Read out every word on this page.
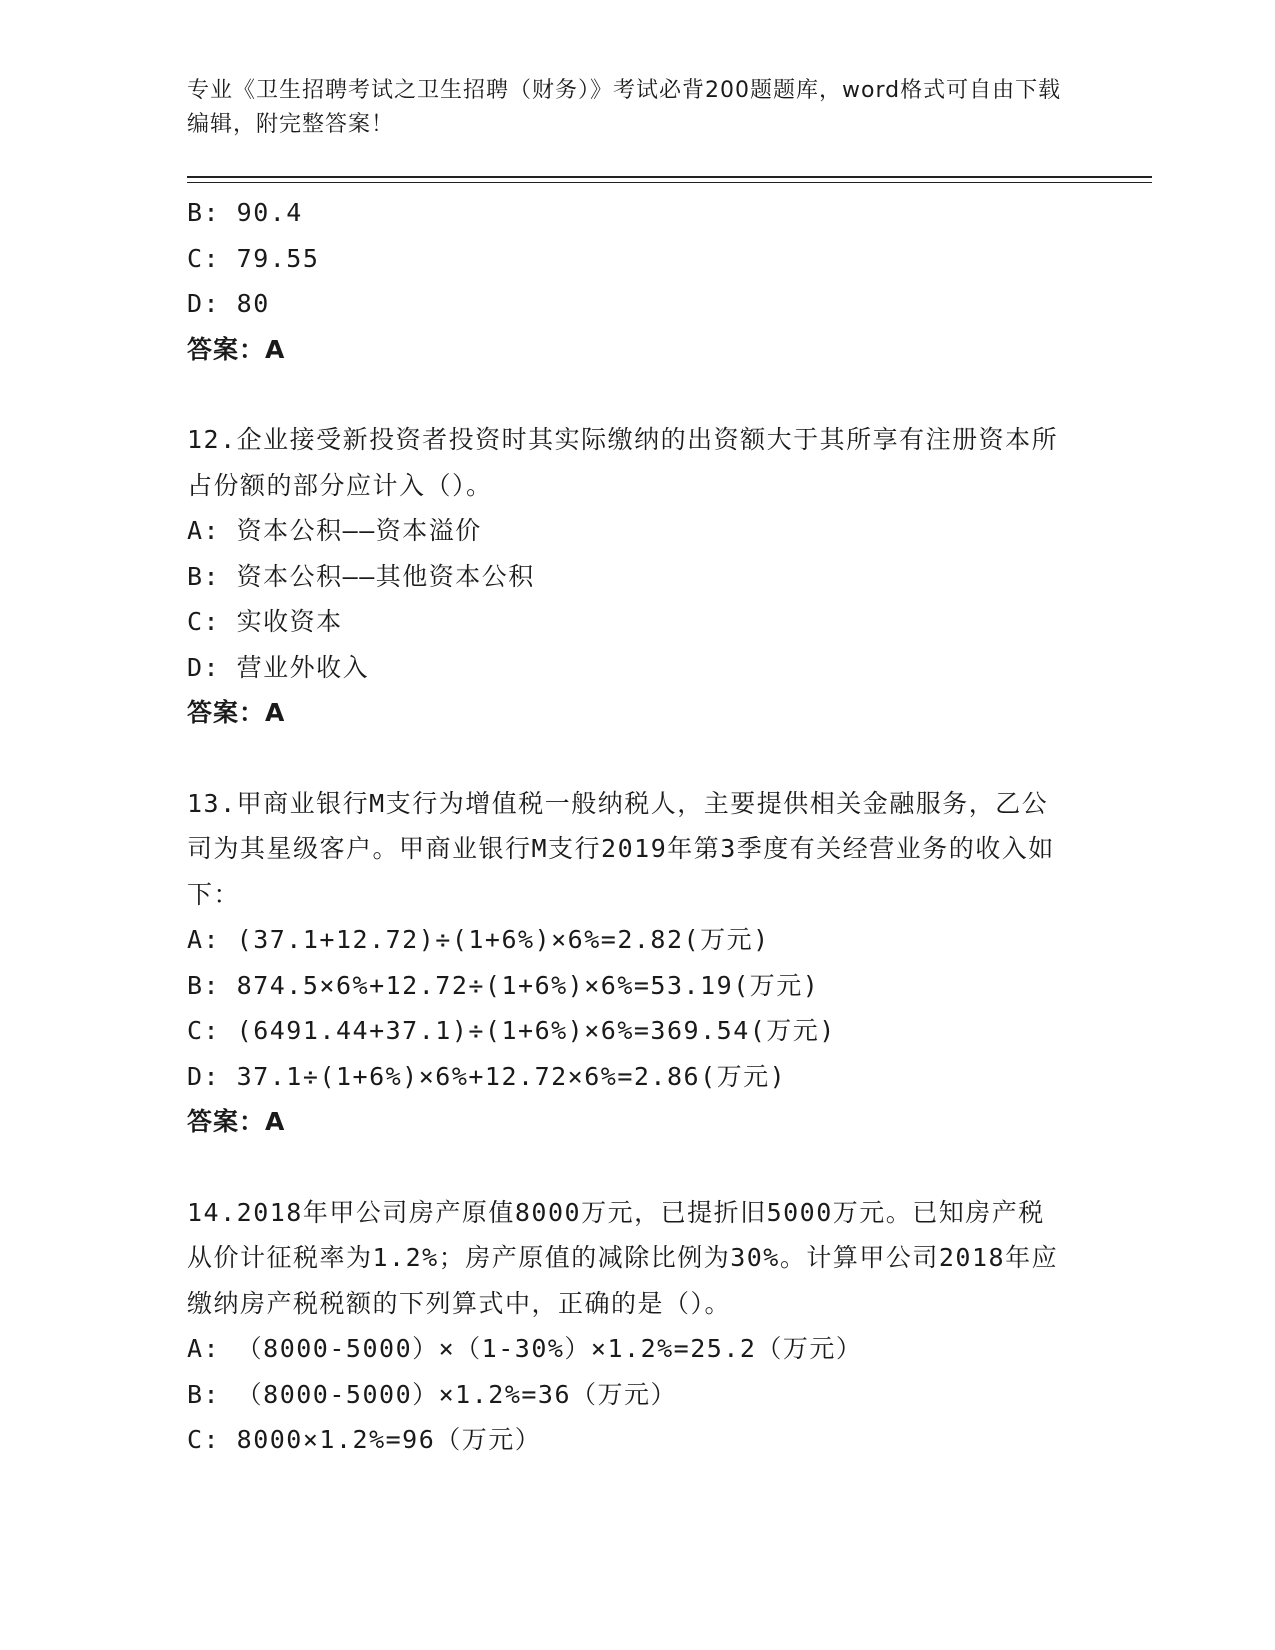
专业《卫生招聘考试之卫生招聘（财务）》考试必背200题题库，word格式可自由下载编辑，附完整答案！

B: 90.4

C: 79.55

D: 80

答案：A

12.企业接受新投资者投资时其实际缴纳的出资额大于其所享有注册资本所占份额的部分应计入（）。

A: 资本公积——资本溢价

B: 资本公积——其他资本公积

C: 实收资本

D: 营业外收入

答案：A

13.甲商业银行M支行为增值税一般纳税人，主要提供相关金融服务，乙公司为其星级客户。甲商业银行M支行2019年第3季度有关经营业务的收入如下：

A: (37.1+12.72)÷(1+6%)×6%=2.82(万元)

B: 874.5×6%+12.72÷(1+6%)×6%=53.19(万元)

C: (6491.44+37.1)÷(1+6%)×6%=369.54(万元)

D: 37.1÷(1+6%)×6%+12.72×6%=2.86(万元)

答案：A

14.2018年甲公司房产原值8000万元，已提折旧5000万元。已知房产税从价计征税率为1.2%；房产原值的减除比例为30%。计算甲公司2018年应缴纳房产税税额的下列算式中，正确的是（）。

A: （8000-5000）×（1-30%）×1.2%=25.2（万元）

B: （8000-5000）×1.2%=36（万元）

C: 8000×1.2%=96（万元）
